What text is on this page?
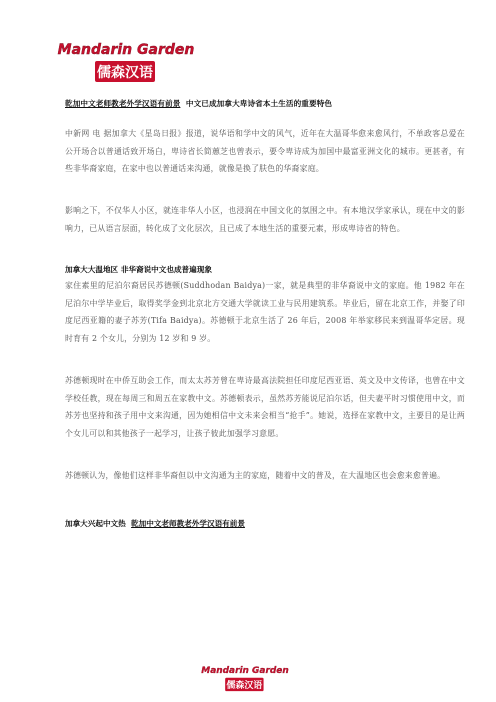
Mandarin Garden
儒森汉语
乾加中文老师教老外学汉语有前景 中文已成加拿大卑诗省本土生活的重要特色

中新网 电 据加拿大《星岛日报》报道，说华语和学中文的风气，近年在大温哥华愈来愈风行，不单政客总爱在公开场合以普通话致开场白，卑诗省长简蕙芝也曾表示，要令卑诗成为加国中最富亚洲文化的城市。更甚者，有些非华裔家庭，在家中也以普通话来沟通，就像是换了肤色的华裔家庭。

影响之下，不仅华人小区，就连非华人小区，也浸润在中国文化的氛围之中。有本地汉学家承认，现在中文的影响力，已从语言层面，转化成了文化层次，且已成了本地生活的重要元素，形成卑诗省的特色。

加拿大大温地区 非华裔说中文也成普遍现象

家住素里的尼泊尔裔居民苏德顿(Suddhodan Baidya)一家，就是典型的非华裔说中文的家庭。他 1982 年在尼泊尔中学毕业后，取得奖学金到北京北方交通大学就读工业与民用建筑系。毕业后，留在北京工作，并娶了印度尼西亚籍的妻子苏芳(Tifa Baidya)。苏德顿于北京生活了 26 年后，2008 年举家移民来到温哥华定居。现时育有 2 个女儿，分别为 12 岁和 9 岁。

苏德顿现时在中侨互助会工作，而太太苏芳曾在卑诗最高法院担任印度尼西亚语、英文及中文传译，也曾在中文学校任教，现在每周三和周五在家教中文。苏德顿表示，虽然苏芳能说尼泊尔话，但夫妻平时习惯使用中文，而苏芳也坚持和孩子用中文来沟通，因为她相信中文未来会相当“抢手”。她说，选择在家教中文，主要目的是让两个女儿可以和其他孩子一起学习，让孩子彼此加强学习意愿。

苏德顿认为，像他们这样非华裔但以中文沟通为主的家庭，随着中文的普及，在大温地区也会愈来愈普遍。

加拿大兴起中文热 乾加中文老师教老外学汉语有前景
Mandarin Garden
儒森汉语
